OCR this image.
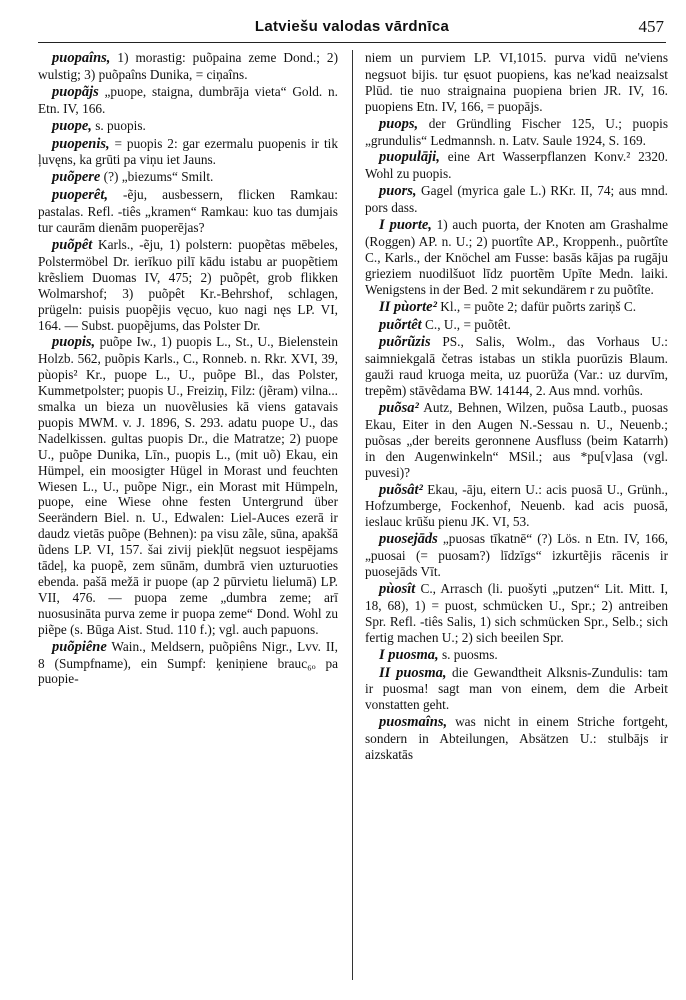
Latviešu valodas vārdnīca	457

puopaîns, 1) morastig: puõpaina zeme Dond.; 2) wulstig; 3) puõpaîns Dunika, = ciņaîns.

puopãjs „puope, staigna, dumbrāja vieta“ Gold. n. Etn. IV, 166.

puope, s. puopis.

puopenis, = puopis 2: gar ezermalu puopenis ir tik ļuvęns, ka grūti pa viņu iet Jauns.

puõpere (?) „biezums“ Smilt.

puoperêt, -ẽju, ausbessern, flicken Ramkau: pastalas. Refl. -tiês „kramen“ Ramkau: kuo tas dumjais tur caurām dienām puoperējas?

puõpêt Karls., -ẽju, 1) polstern: puopẽtas mēbeles, Polstermöbel Dr. ierīkuo pilī kādu istabu ar puopẽtiem krẽsliem Duomas IV, 475; 2) puõpêt, grob flikken Wolmarshof; 3) puõpêt Kr.-Behrshof, schlagen, prügeln: puisis puopẽjis vęcuo, kuo nagi nęs LP. VI, 164. — Subst. puopẽjums, das Polster Dr.

puopis, puõpe Iw., 1) puopis L., St., U., Bielenstein Holzb. 562, puõpis Karls., C., Ronneb. n. Rkr. XVI, 39, pùopis² Kr., puope L., U., puõpe Bl., das Polster, Kummetpolster; puopis U., Freiziņ, Filz: (jẽram) vilna... smalka un bieza un nuovẽlusies kā viens gatavais puopis MWM. v. J. 1896, S. 293. adatu puope U., das Nadelkissen. gultas puopis Dr., die Matratze; 2) puope U., puõpe Dunika, Līn., puopis L., (mit uõ) Ekau, ein Hümpel, ein moosigter Hügel in Morast und feuchten Wiesen L., U., puõpe Nigr., ein Morast mit Hümpeln, puope, eine Wiese ohne festen Untergrund über Seerändern Biel. n. U., Edwalen: Liel-Auces ezerā ir daudz vietās puõpe (Behnen): pa visu zãle, sūna, apakšā ũdens LP. VI, 157. šai zivij piekļūt negsuot iespējams tādeļ, ka puopẽ, zem sūnām, dumbrā vien uzturuoties ebenda. pašā mežā ir puope (ap 2 pūrvietu lielumā) LP. VII, 476. — puopa zeme „dumbra zeme; arī nuosusināta purva zeme ir puopa zeme“ Dond. Wohl zu piẽpe (s. Būga Aist. Stud. 110 f.); vgl. auch papuons.

puõpiêne Wain., Meldsern, puõpiêns Nigr., Lvv. II, 8 (Sumpfname), ein Sumpf: ķeniņiene brauc₆ₒ pa puopie-

niem un purviem LP. VI,1015. purva vidū ne'viens negsuot bijis. tur ęsuot puopiens, kas ne'kad neaizsalst Plūd. tie nuo straignaina puopiena brien JR. IV, 16. puopiens Etn. IV, 166, = puopājs.

puops, der Gründling Fischer 125, U.; puopis „grundulis“ Ledmannsh. n. Latv. Saule 1924, S. 169.

puopulāji, eine Art Wasserpflanzen Konv.² 2320. Wohl zu puopis.

puors, Gagel (myrica gale L.) RKr. II, 74; aus mnd. pors dass.

I puorte, 1) auch puorta, der Knoten am Grashalme (Roggen) AP. n. U.; 2) puortîte AP., Kroppenh., puõrtîte C., Karls., der Knöchel am Fusse: basās kājas pa rugāju grieziem nuodilšuot līdz puortẽm Upīte Medn. laiki. Wenigstens in der Bed. 2 mit sekundärem r zu puõtîte.

II pùorte² Kl., = puõte 2; dafür puõrts zariņš C.

puõrtêt C., U., = puõtêt.

puõrũzis PS., Salis, Wolm., das Vorhaus U.: saimniekgalā četras istabas un stikla puorūzis Blaum. gauži raud kruoga meita, uz puorūža (Var.: uz durvīm, trepẽm) stāvẽdama BW. 14144, 2. Aus mnd. vorhûs.

puõsa² Autz, Behnen, Wilzen, puõsa Lautb., puosas Ekau, Eiter in den Augen N.-Sessau n. U., Neuenb.; puõsas „der bereits geronnene Ausfluss (beim Katarrh) in den Augenwinkeln“ MSil.; aus *pu[v]asa (vgl. puvesi)?

puõsât² Ekau, -āju, eitern U.: acis puosā U., Grünh., Hofzumberge, Fockenhof, Neuenb. kad acis puosā, ieslauc krūšu pienu JK. VI, 53.

puosejāds „puosas tīkatnē“ (?) Lös. n Etn. IV, 166, „puosai (= puosam?) līdzīgs“ izkurtẽjis rācenis ir puosejāds Vīt.

pùosît C., Arrasch (li. puošyti „putzen“ Lit. Mitt. I, 18, 68), 1) = puost, schmücken U., Spr.; 2) antreiben Spr. Refl. -tiês Salis, 1) sich schmücken Spr., Selb.; sich fertig machen U.; 2) sich beeilen Spr.

I puosma, s. puosms.

II puosma, die Gewandtheit Alksnis-Zundulis: tam ir puosma! sagt man von einem, dem die Arbeit vonstatten geht.

puosmaîns, was nicht in einem Striche fortgeht, sondern in Abteilungen, Absätzen U.: stulbājs ir aizskatās
